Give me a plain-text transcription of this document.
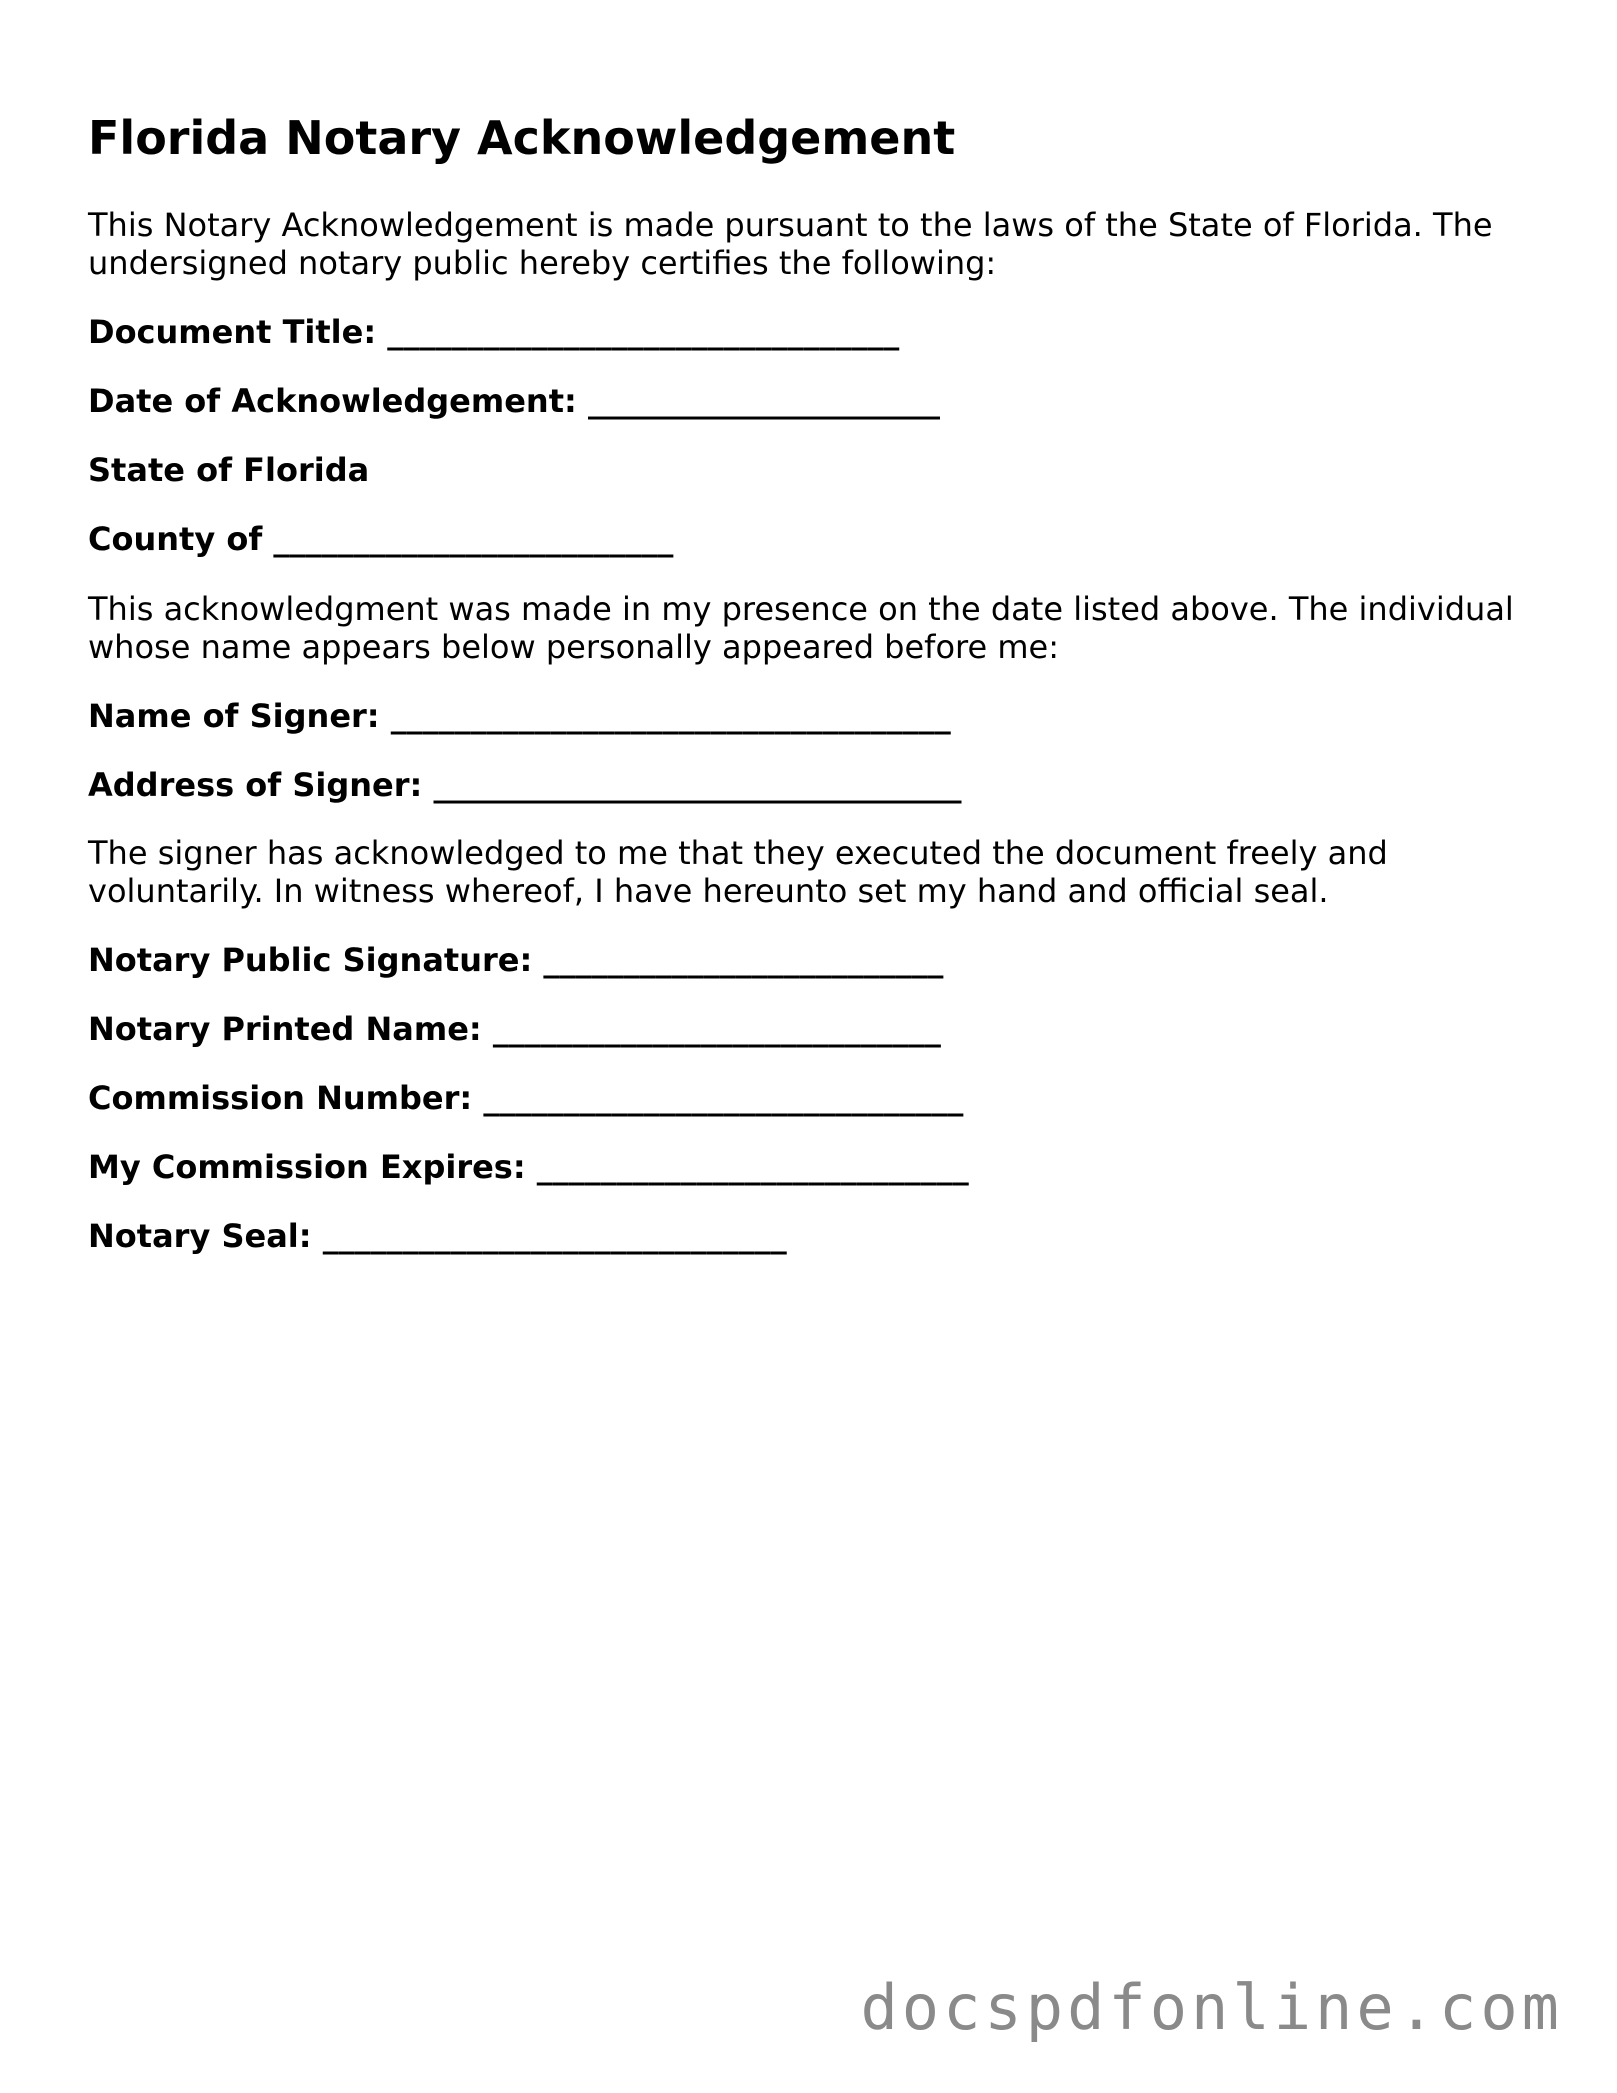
Florida Notary Acknowledgement
This Notary Acknowledgement is made pursuant to the laws of the State of Florida. The
undersigned notary public hereby certifies the following:
Document Title: ________________________________
Date of Acknowledgement: ______________________
State of Florida
County of _________________________
This acknowledgment was made in my presence on the date listed above. The individual
whose name appears below personally appeared before me:
Name of Signer: ___________________________________
Address of Signer: _________________________________
The signer has acknowledged to me that they executed the document freely and
voluntarily. In witness whereof, I have hereunto set my hand and official seal.
Notary Public Signature: _________________________
Notary Printed Name: ____________________________
Commission Number: ______________________________
My Commission Expires: ___________________________
Notary Seal: _____________________________
docspdfonline.com
